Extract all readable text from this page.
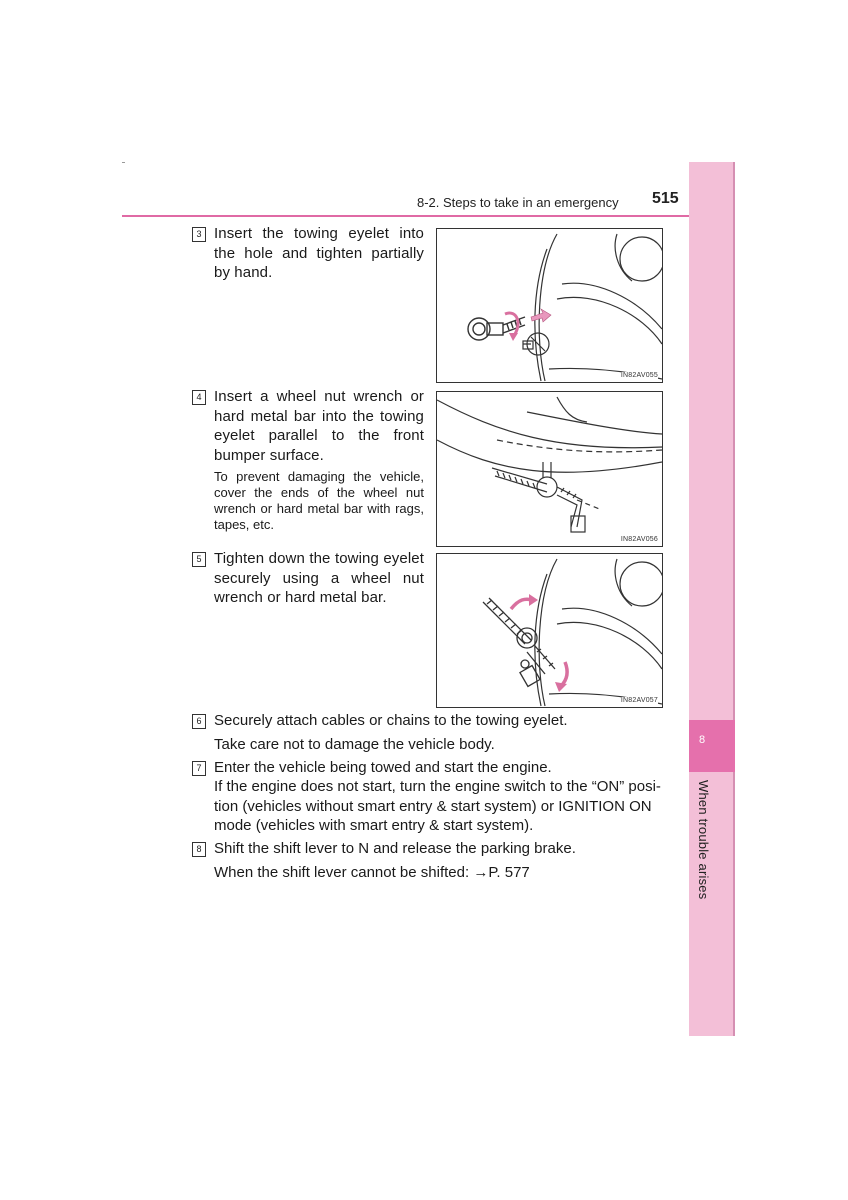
8-2. Steps to take in an emergency 515
8
When trouble arises
3 Insert the towing eyelet into the hole and tighten partially by hand.
IN82AV055
4 Insert a wheel nut wrench or hard metal bar into the towing eyelet parallel to the front bumper surface.
To prevent damaging the vehicle, cover the ends of the wheel nut wrench or hard metal bar with rags, tapes, etc.
IN82AV056
5 Tighten down the towing eyelet securely using a wheel nut wrench or hard metal bar.
IN82AV057
6 Securely attach cables or chains to the towing eyelet.
Take care not to damage the vehicle body.
7 Enter the vehicle being towed and start the engine.
If the engine does not start, turn the engine switch to the “ON” posi-
tion (vehicles without smart entry & start system) or IGNITION ON
mode (vehicles with smart entry & start system).
8 Shift the shift lever to N and release the parking brake.
When the shift lever cannot be shifted: →P. 577
